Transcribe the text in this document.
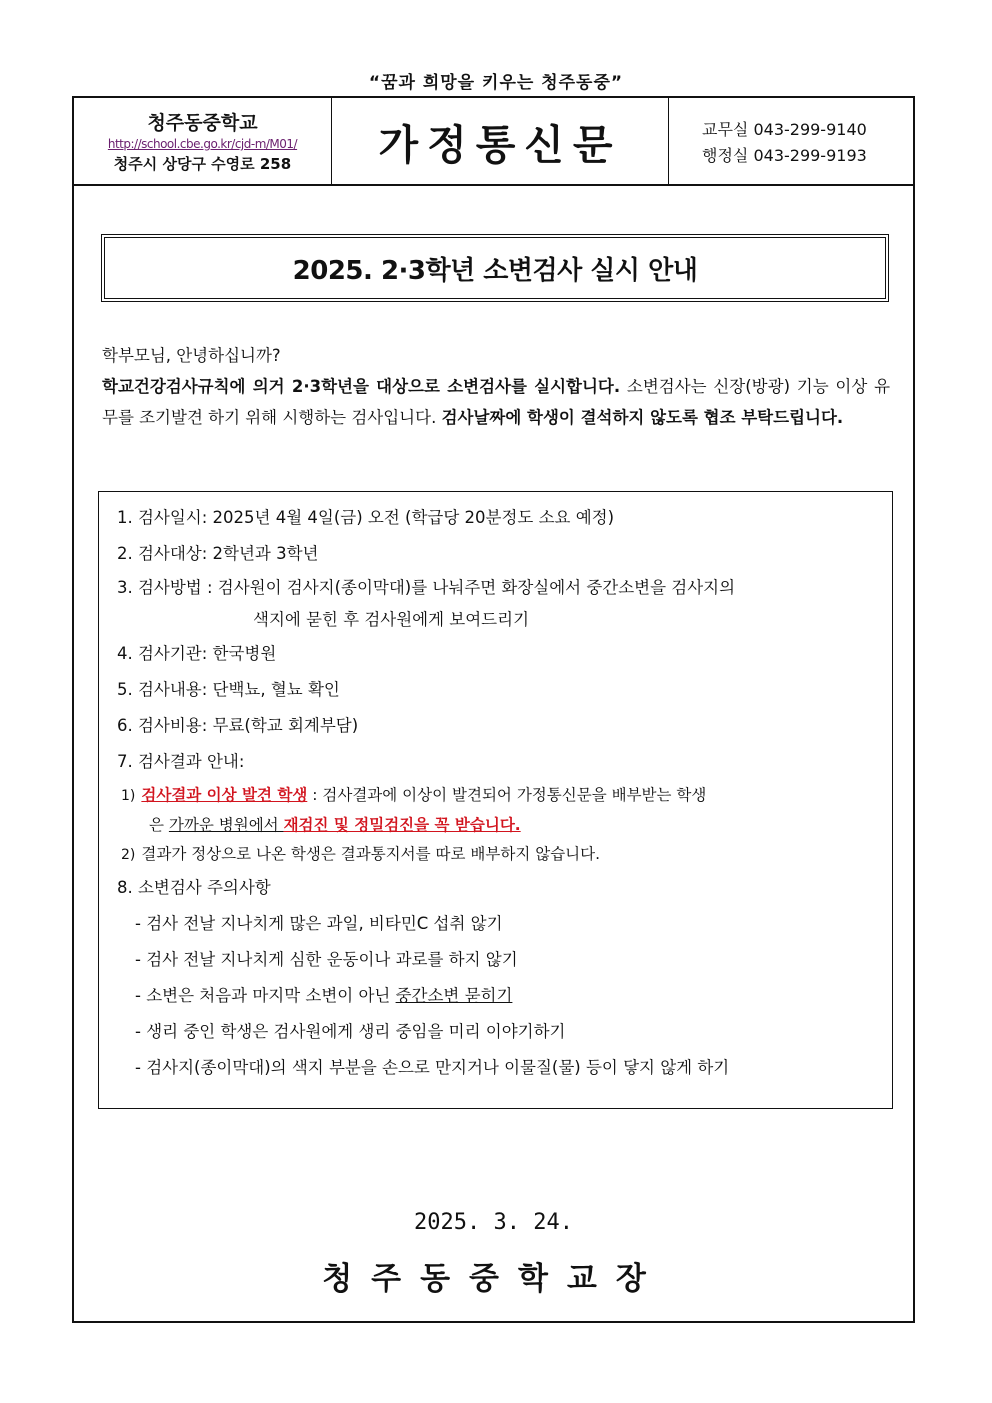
“꿈과 희망을 키우는 청주동중”
청주동중학교
http://school.cbe.go.kr/cjd-m/M01/
청주시 상당구 수영로 258	가정통신문	교무실 043-299-9140
행정실 043-299-9193
2025. 2·3학년 소변검사 실시 안내
학부모님, 안녕하십니까?
학교건강검사규칙에 의거 2·3학년을 대상으로 소변검사를 실시합니다. 소변검사는 신장(방광) 기능 이상 유무를 조기발견 하기 위해 시행하는 검사입니다. 검사날짜에 학생이 결석하지 않도록 협조 부탁드립니다.
1. 검사일시: 2025년 4월 4일(금) 오전 (학급당 20분정도 소요 예정)
2. 검사대상: 2학년과 3학년
3. 검사방법 : 검사원이 검사지(종이막대)를 나눠주면 화장실에서 중간소변을 검사지의
색지에 묻힌 후 검사원에게 보여드리기
4. 검사기관: 한국병원
5. 검사내용: 단백뇨, 혈뇨 확인
6. 검사비용: 무료(학교 회계부담)
7. 검사결과 안내:
1) 검사결과 이상 발견 학생 : 검사결과에 이상이 발견되어 가정통신문을 배부받는 학생
은 가까운 병원에서 재검진 및 정밀검진을 꼭 받습니다.
2) 결과가 정상으로 나온 학생은 결과통지서를 따로 배부하지 않습니다.
8. 소변검사 주의사항
- 검사 전날 지나치게 많은 과일, 비타민C 섭취 않기
- 검사 전날 지나치게 심한 운동이나 과로를 하지 않기
- 소변은 처음과 마지막 소변이 아닌 중간소변 묻히기
- 생리 중인 학생은 검사원에게 생리 중임을 미리 이야기하기
- 검사지(종이막대)의 색지 부분을 손으로 만지거나 이물질(물) 등이 닿지 않게 하기
2025. 3. 24.
청주동중학교장
